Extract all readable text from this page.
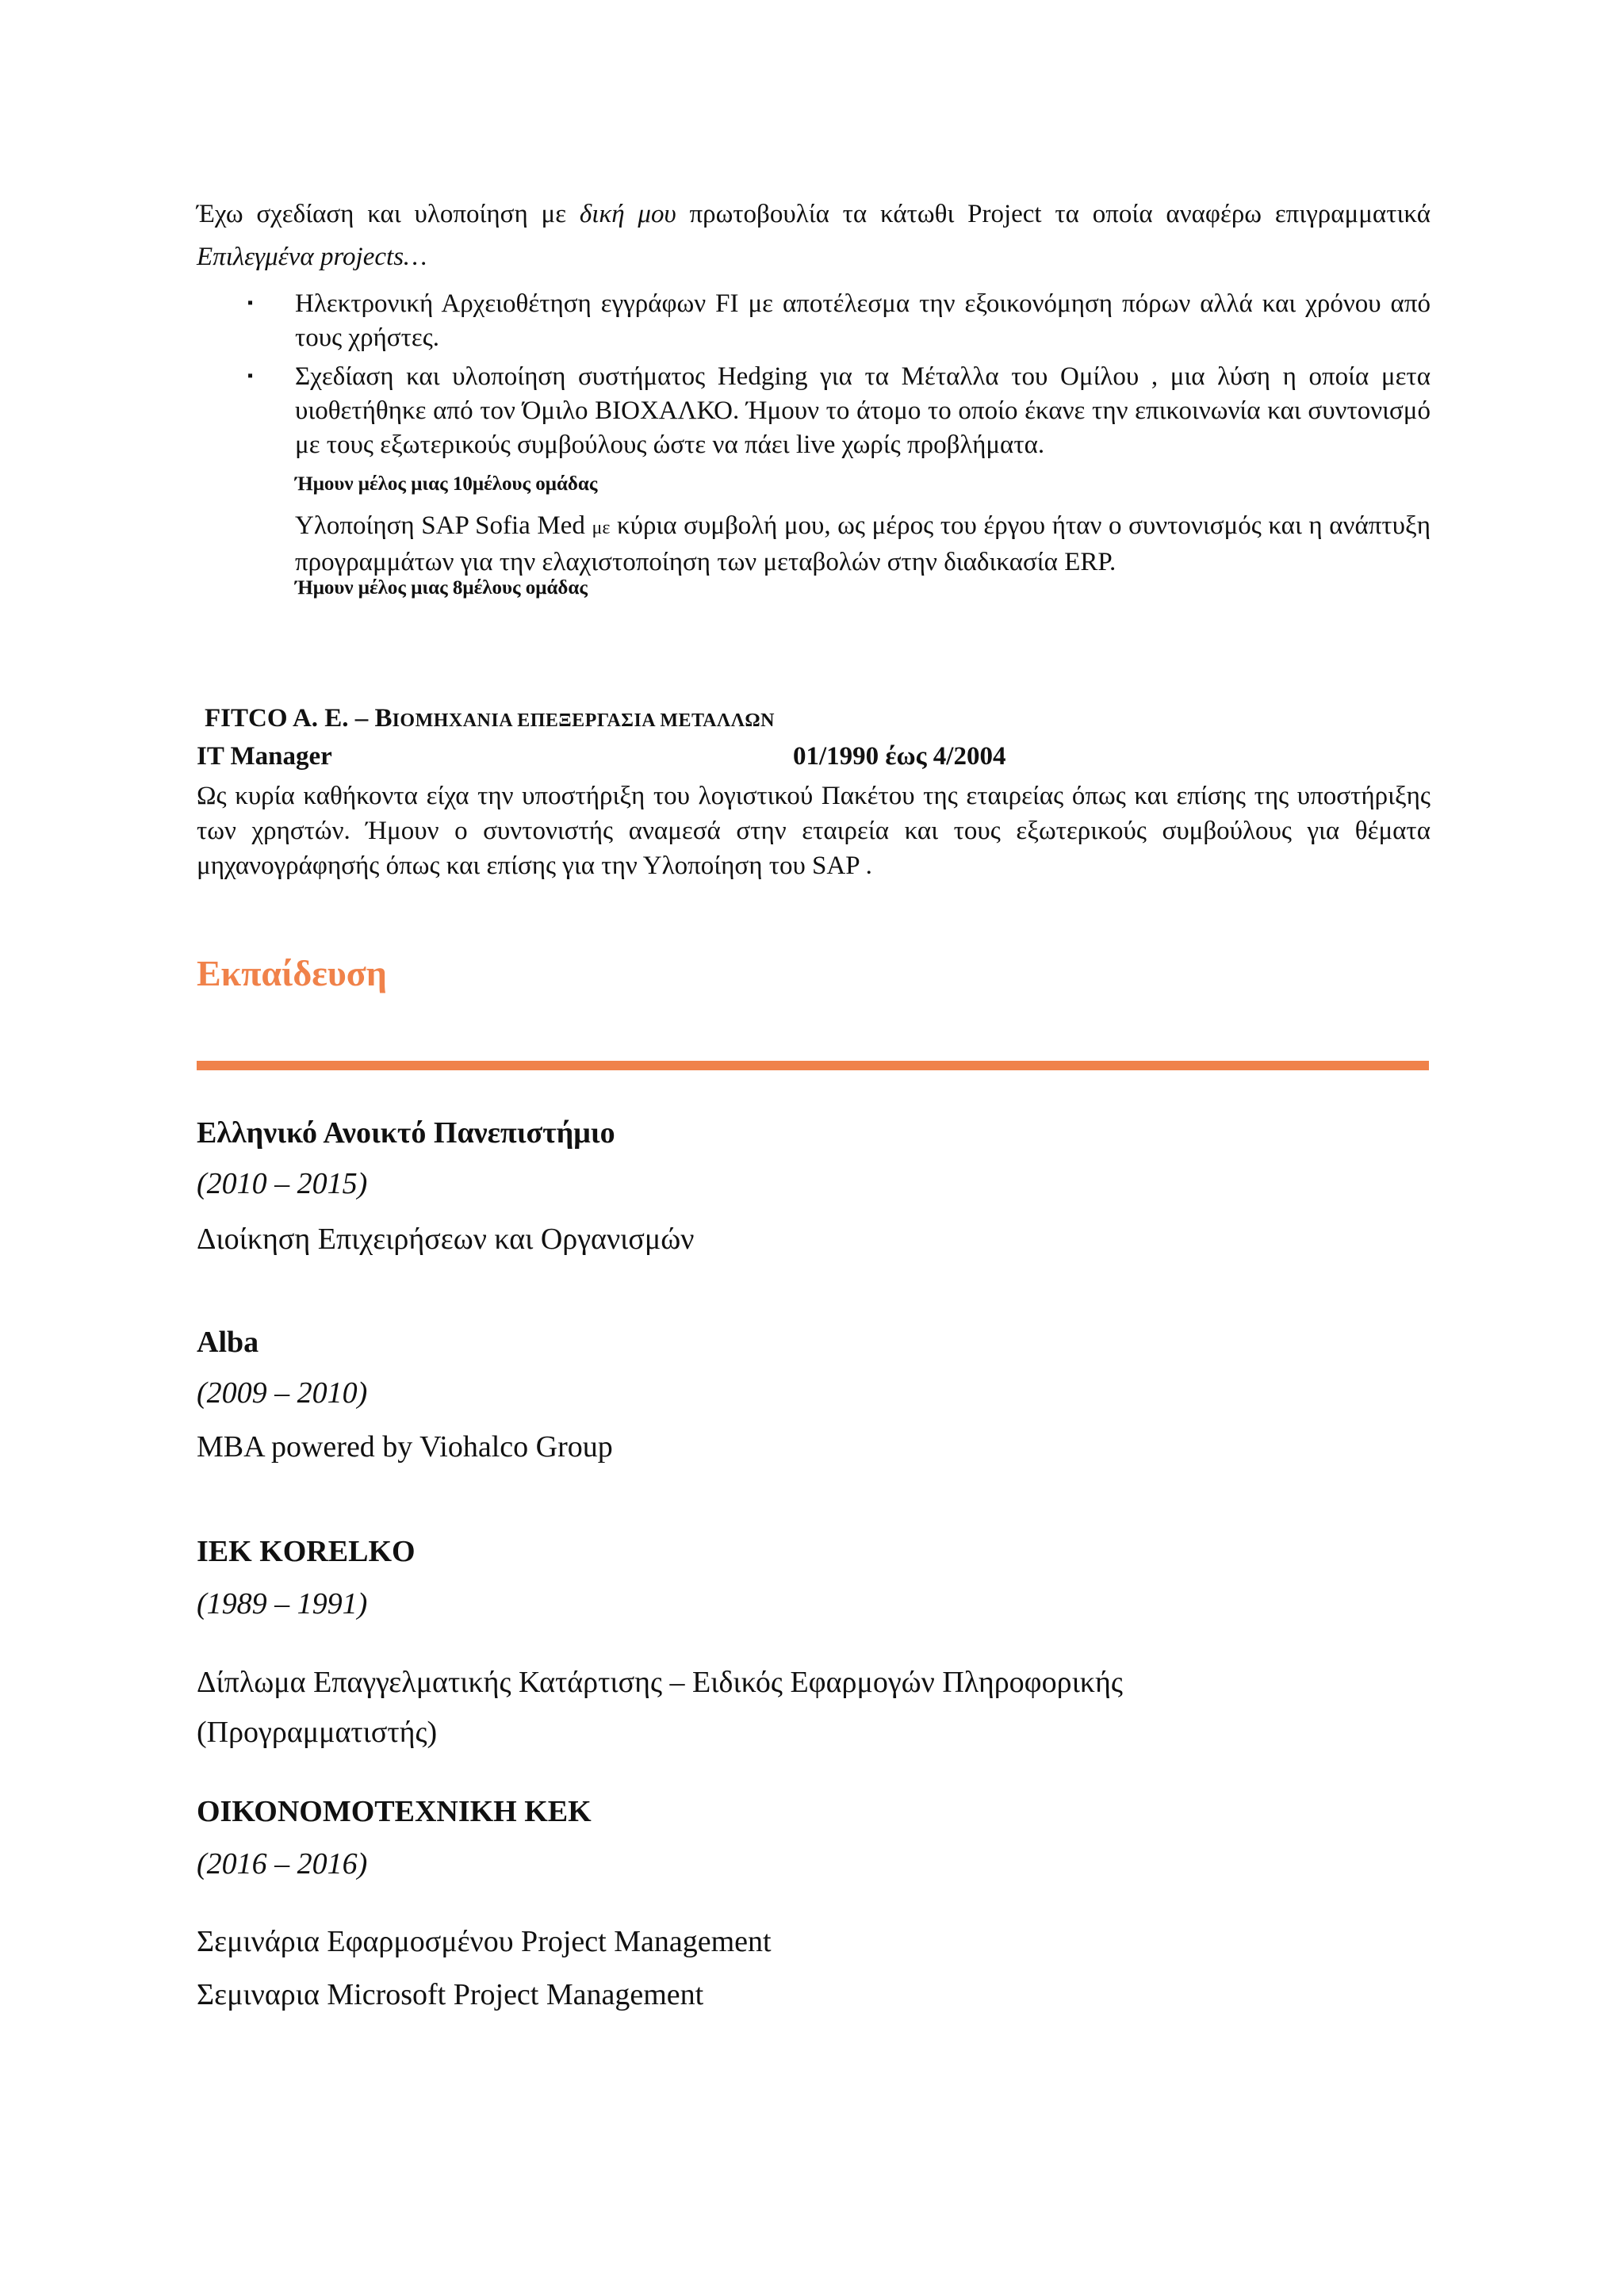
Έχω σχεδίαση και υλοποίηση με δική μου πρωτοβουλία τα κάτωθι Project τα οποία αναφέρω επιγραμματικά
Επιλεγμένα projects…
▪ Ηλεκτρονική Αρχειοθέτηση εγγράφων FI με αποτέλεσμα την εξοικονόμηση πόρων αλλά και χρόνου από τους χρήστες.
▪ Σχεδίαση και υλοποίηση συστήματος Hedging για τα Μέταλλα του Ομίλου , μια λύση η οποία μετα υιοθετήθηκε από τον Όμιλο ΒΙΟΧΑΛΚΟ. Ήμουν το άτομο το οποίο έκανε την επικοινωνία και συντονισμό με τους εξωτερικούς συμβούλους ώστε να πάει live χωρίς προβλήματα.
Ήμουν μέλος μιας 10μέλους ομάδας
Υλοποίηση SAP Sofia Med με κύρια συμβολή μου, ως μέρος του έργου ήταν ο συντονισμός και η ανάπτυξη προγραμμάτων για την ελαχιστοποίηση των μεταβολών στην διαδικασία ERP.
Ήμουν μέλος μιας 8μέλους ομάδας
FITCO A. E. – ΒΙΟΜΗΧΑΝΙΑ ΕΠΕΞΕΡΓΑΣΙΑ ΜΕΤΑΛΛΩΝ
IT Manager	01/1990 έως 4/2004
Ως κυρία καθήκοντα είχα την υποστήριξη του λογιστικού Πακέτου της εταιρείας όπως και επίσης της υποστήριξης των χρηστών. Ήμουν ο συντονιστής αναμεσά στην εταιρεία και τους εξωτερικούς συμβούλους για θέματα μηχανογράφησής όπως και επίσης για την Υλοποίηση του SAP .
Εκπαίδευση
Ελληνικό Ανοικτό Πανεπιστήμιο
(2010 – 2015)
Διοίκηση Επιχειρήσεων και Οργανισμών
Alba
(2009 – 2010)
MBA powered by Viohalco Group
IEK KORELKO
(1989 – 1991)
Δίπλωμα Επαγγελματικής Κατάρτισης – Ειδικός Εφαρμογών Πληροφορικής
(Προγραμματιστής)
ΟΙΚΟΝΟΜΟΤΕΧΝΙΚΗ ΚΕΚ
(2016 – 2016)
Σεμινάρια Εφαρμοσμένου Project Management
Σεμιναρια Microsoft Project Management
